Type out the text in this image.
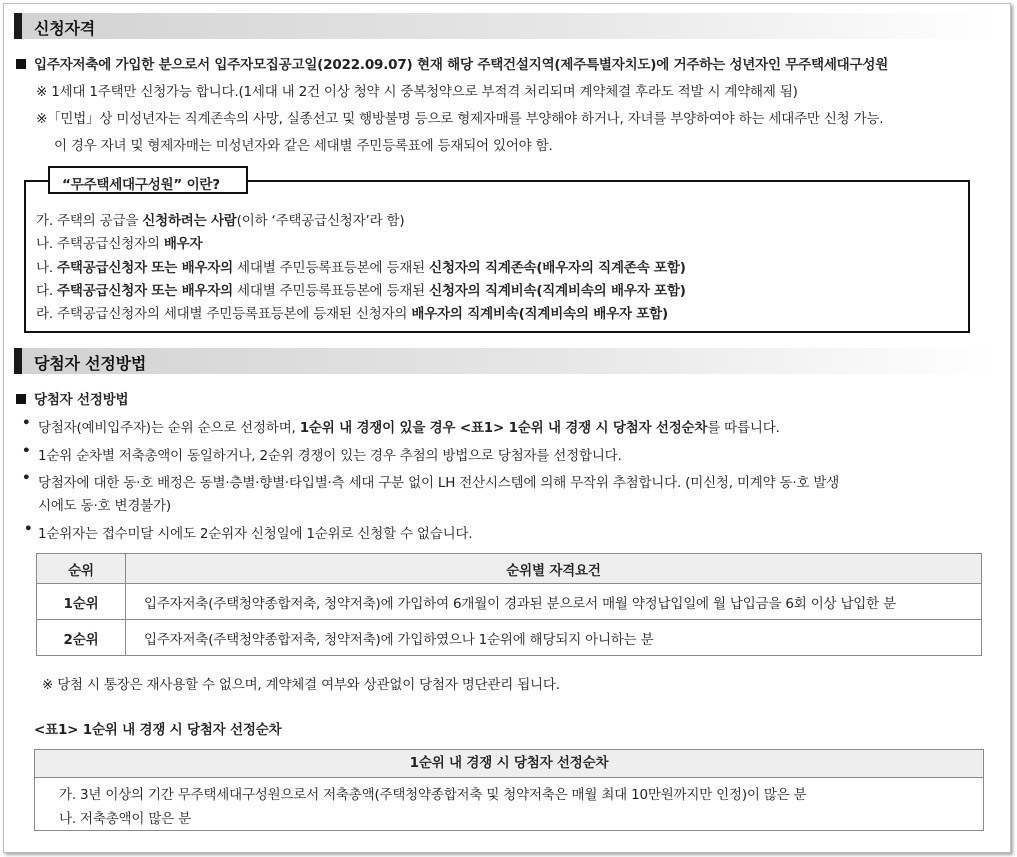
신청자격
입주자저축에 가입한 분으로서 입주자모집공고일(2022.09.07) 현재 해당 주택건설지역(제주특별자치도)에 거주하는 성년자인 무주택세대구성원
※ 1세대 1주택만 신청가능 합니다.(1세대 내 2건 이상 청약 시 중복청약으로 부적격 처리되며 계약체결 후라도 적발 시 계약해제 됨)
※「민법」상 미성년자는 직계존속의 사망, 실종선고 및 행방불명 등으로 형제자매를 부양해야 하거나, 자녀를 부양하여야 하는 세대주만 신청 가능.
이 경우 자녀 및 형제자매는 미성년자와 같은 세대별 주민등록표에 등재되어 있어야 함.
“무주택세대구성원” 이란?
가. 주택의 공급을 신청하려는 사람(이하 ‘주택공급신청자’라 함)
나. 주택공급신청자의 배우자
나. 주택공급신청자 또는 배우자의 세대별 주민등록표등본에 등재된 신청자의 직계존속(배우자의 직계존속 포함)
다. 주택공급신청자 또는 배우자의 세대별 주민등록표등본에 등재된 신청자의 직계비속(직계비속의 배우자 포함)
라. 주택공급신청자의 세대별 주민등록표등본에 등재된 신청자의 배우자의 직계비속(직계비속의 배우자 포함)
당첨자 선정방법
당첨자 선정방법
• 당첨자(예비입주자)는 순위 순으로 선정하며, 1순위 내 경쟁이 있을 경우 <표1> 1순위 내 경쟁 시 당첨자 선정순차를 따릅니다.
• 1순위 순차별 저축총액이 동일하거나, 2순위 경쟁이 있는 경우 추첨의 방법으로 당첨자를 선정합니다.
• 당첨자에 대한 동·호 배정은 동별·층별·향별·타입별·측 세대 구분 없이 LH 전산시스템에 의해 무작위 추첨합니다. (미신청, 미계약 동·호 발생
시에도 동·호 변경불가)
• 1순위자는 접수미달 시에도 2순위자 신청일에 1순위로 신청할 수 없습니다.
순위	순위별 자격요건
1순위	입주자저축(주택청약종합저축, 청약저축)에 가입하여 6개월이 경과된 분으로서 매월 약정납입일에 월 납입금을 6회 이상 납입한 분
2순위	입주자저축(주택청약종합저축, 청약저축)에 가입하였으나 1순위에 해당되지 아니하는 분
※ 당첨 시 통장은 재사용할 수 없으며, 계약체결 여부와 상관없이 당첨자 명단관리 됩니다.
<표1> 1순위 내 경쟁 시 당첨자 선정순차
1순위 내 경쟁 시 당첨자 선정순차
가. 3년 이상의 기간 무주택세대구성원으로서 저축총액(주택청약종합저축 및 청약저축은 매월 최대 10만원까지만 인정)이 많은 분
나. 저축총액이 많은 분
